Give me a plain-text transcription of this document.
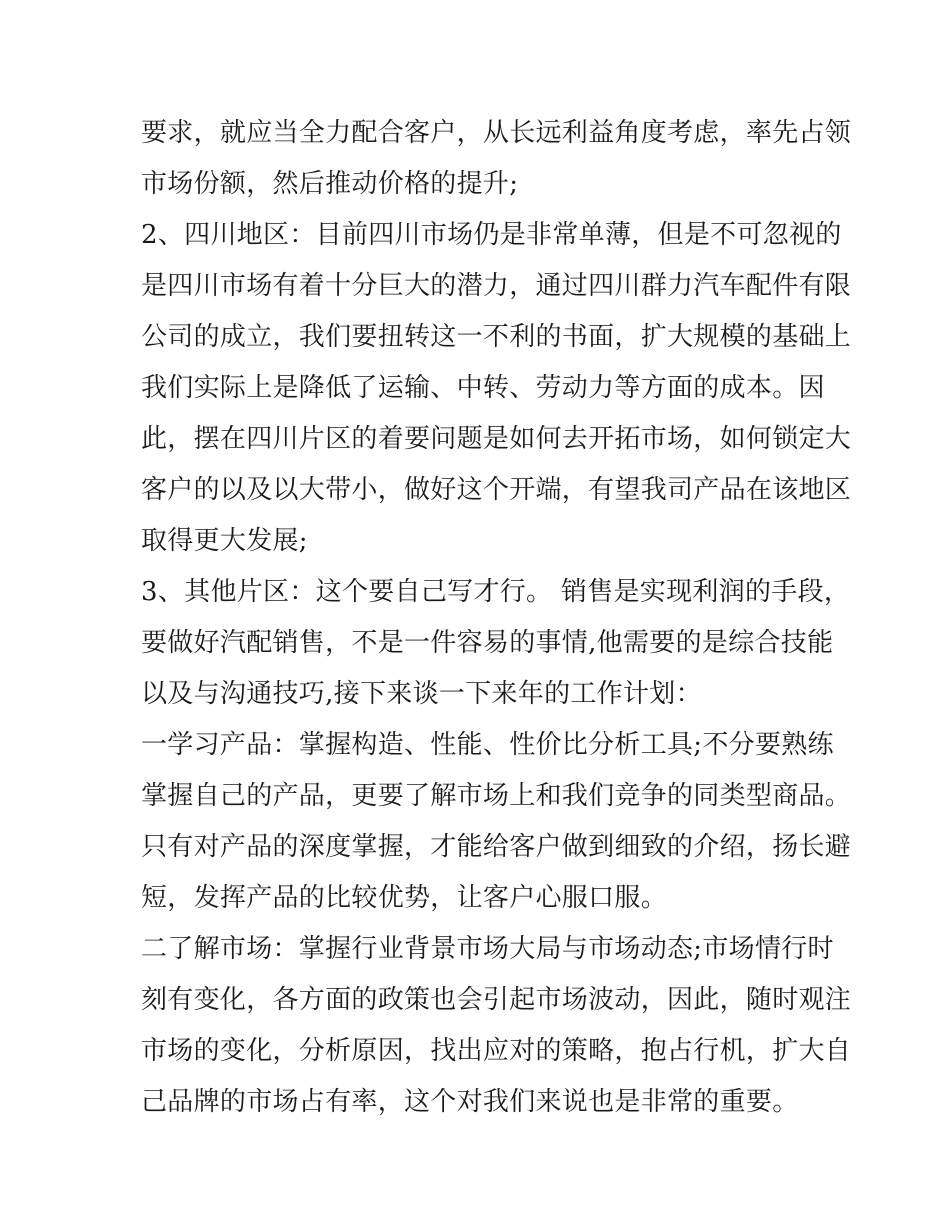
要求，就应当全力配合客户，从长远利益角度考虑，率先占领
市场份额，然后推动价格的提升;
2、四川地区：目前四川市场仍是非常单薄，但是不可忽视的
是四川市场有着十分巨大的潜力，通过四川群力汽车配件有限
公司的成立，我们要扭转这一不利的书面，扩大规模的基础上
我们实际上是降低了运输、中转、劳动力等方面的成本。因
此，摆在四川片区的着要问题是如何去开拓市场，如何锁定大
客户的以及以大带小，做好这个开端，有望我司产品在该地区
取得更大发展;
3、其他片区：这个要自己写才行。 销售是实现利润的手段，
要做好汽配销售，不是一件容易的事情,他需要的是综合技能
以及与沟通技巧,接下来谈一下来年的工作计划：
一学习产品：掌握构造、性能、性价比分析工具;不分要熟练
掌握自己的产品，更要了解市场上和我们竞争的同类型商品。
只有对产品的深度掌握，才能给客户做到细致的介绍，扬长避
短，发挥产品的比较优势，让客户心服口服。
二了解市场：掌握行业背景市场大局与市场动态;市场情行时
刻有变化，各方面的政策也会引起市场波动，因此，随时观注
市场的变化，分析原因，找出应对的策略，抱占行机，扩大自
己品牌的市场占有率，这个对我们来说也是非常的重要。
